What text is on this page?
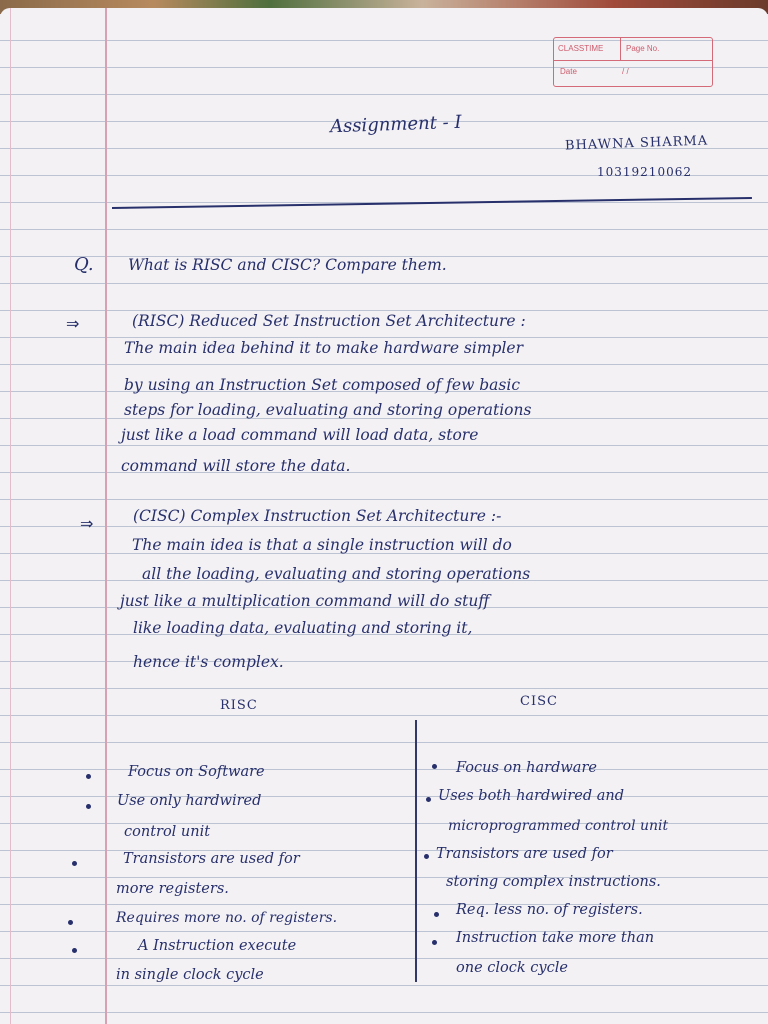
CLASSTIME	Page No.
Date	/ /
Assignment - I
BHAWNA SHARMA
10319210062
Q. What is RISC and CISC? Compare them.
⇒	(RISC) Reduced Set Instruction Set Architecture :
The main idea behind it to make hardware simpler
by using an Instruction Set composed of few basic
steps for loading, evaluating and storing operations
just like a load command will load data, store
command will store the data.
⇒	(CISC) Complex Instruction Set Architecture :-
The main idea is that a single instruction will do
all the loading, evaluating and storing operations
just like a multiplication command will do stuff
like loading data, evaluating and storing it,
hence it's complex.
RISC	CISC
Focus on Software
Use only hardwired
control unit
Transistors are used for
more registers.
Requires more no. of registers.
A Instruction execute
in single clock cycle
Focus on hardware
Uses both hardwired and
microprogrammed control unit
Transistors are used for
storing complex instructions.
Req. less no. of registers.
Instruction take more than
one clock cycle
